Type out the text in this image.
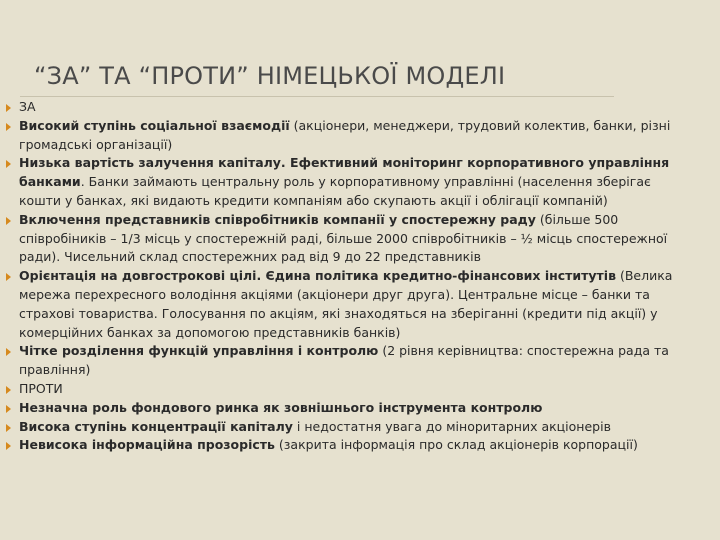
“ЗА” ТА “ПРОТИ” НІМЕЦЬКОЇ МОДЕЛІ
ЗА
Високий ступінь соціальної взаємодії (акціонери, менеджери, трудовий колектив, банки, різні громадські організації)
Низька вартість залучення капіталу. Ефективний моніторинг корпоративного управління банками. Банки займають центральну роль у корпоративному управлінні (населення зберігає кошти у банках, які видають кредити компаніям або скупають акції і облігації компаній)
Включення представників співробітників компанії у спостережну раду (більше 500 співробіників – 1/3 місць у спостережній раді, більше 2000 співробітників – ½ місць спостережної ради). Чисельний склад спостережних рад від 9 до 22 представників
Орієнтація на довгострокові цілі. Єдина політика кредитно-фінансових інститутів (Велика мережа перехресного володіння акціями (акціонери друг друга). Центральне місце – банки та страхові товариства. Голосування по акціям, які знаходяться на зберіганні (кредити під акції) у комерційних банках за допомогою представників банків)
Чітке розділення функцій управління і контролю (2 рівня керівництва: спостережна рада та правління)
ПРОТИ
Незначна роль фондового ринка як зовнішнього інструмента контролю
Висока ступінь концентрації капіталу і недостатня увага до міноритарних акціонерів
Невисока інформаційна прозорість (закрита інформація про склад акціонерів корпорації)
